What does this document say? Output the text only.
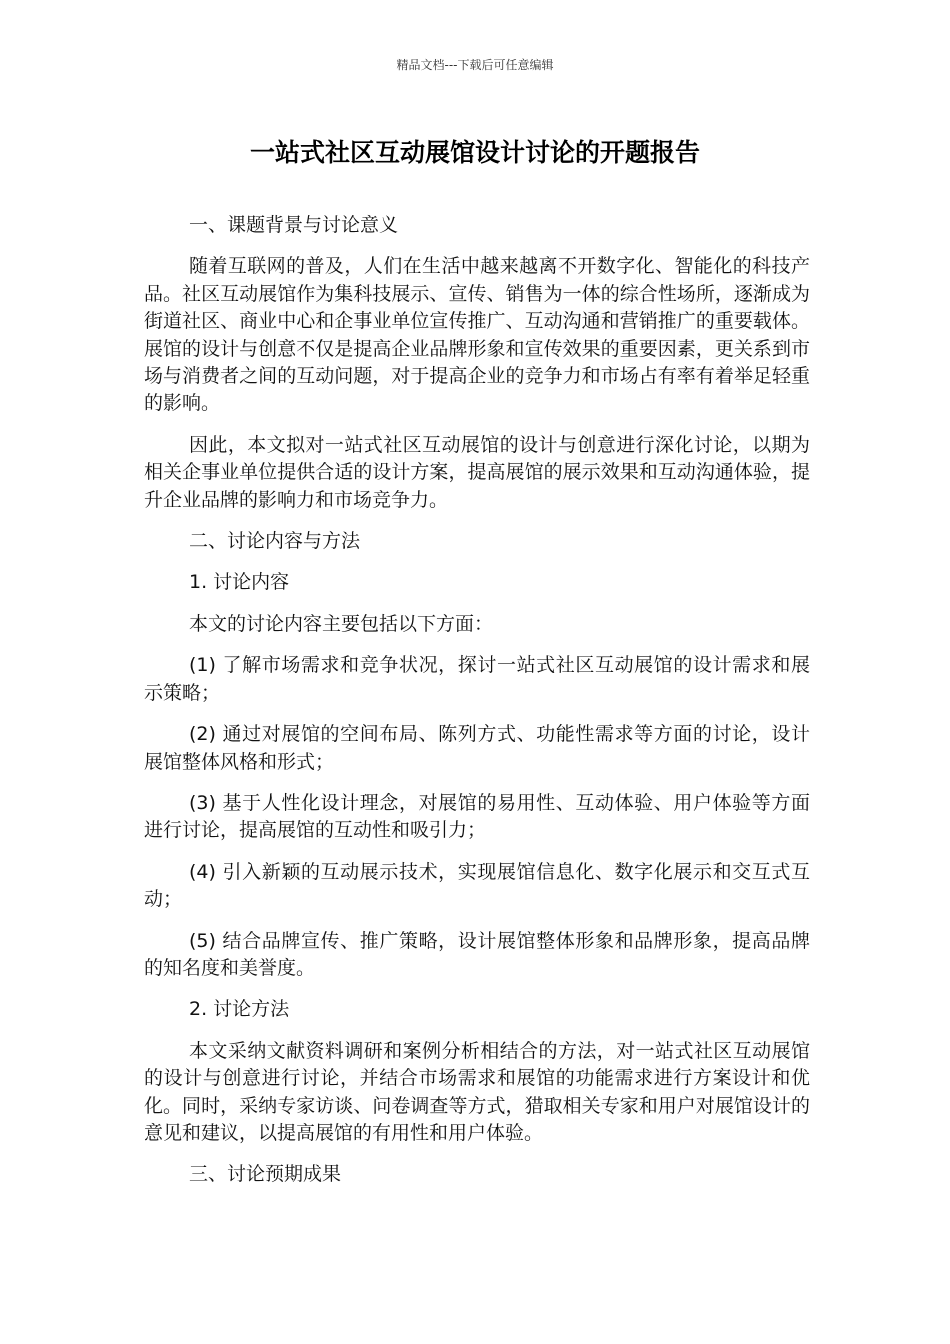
精品文档---下载后可任意编辑
一站式社区互动展馆设计讨论的开题报告

一、课题背景与讨论意义

随着互联网的普及，人们在生活中越来越离不开数字化、智能化的科技产品。社区互动展馆作为集科技展示、宣传、销售为一体的综合性场所，逐渐成为街道社区、商业中心和企事业单位宣传推广、互动沟通和营销推广的重要载体。展馆的设计与创意不仅是提高企业品牌形象和宣传效果的重要因素，更关系到市场与消费者之间的互动问题，对于提高企业的竞争力和市场占有率有着举足轻重的影响。

因此，本文拟对一站式社区互动展馆的设计与创意进行深化讨论，以期为相关企事业单位提供合适的设计方案，提高展馆的展示效果和互动沟通体验，提升企业品牌的影响力和市场竞争力。

二、讨论内容与方法

1. 讨论内容

本文的讨论内容主要包括以下方面：

(1) 了解市场需求和竞争状况，探讨一站式社区互动展馆的设计需求和展示策略；

(2) 通过对展馆的空间布局、陈列方式、功能性需求等方面的讨论，设计展馆整体风格和形式；

(3) 基于人性化设计理念，对展馆的易用性、互动体验、用户体验等方面进行讨论，提高展馆的互动性和吸引力；

(4) 引入新颖的互动展示技术，实现展馆信息化、数字化展示和交互式互动；

(5) 结合品牌宣传、推广策略，设计展馆整体形象和品牌形象，提高品牌的知名度和美誉度。

2. 讨论方法

本文采纳文献资料调研和案例分析相结合的方法，对一站式社区互动展馆的设计与创意进行讨论，并结合市场需求和展馆的功能需求进行方案设计和优化。同时，采纳专家访谈、问卷调查等方式，猎取相关专家和用户对展馆设计的意见和建议，以提高展馆的有用性和用户体验。

三、讨论预期成果
